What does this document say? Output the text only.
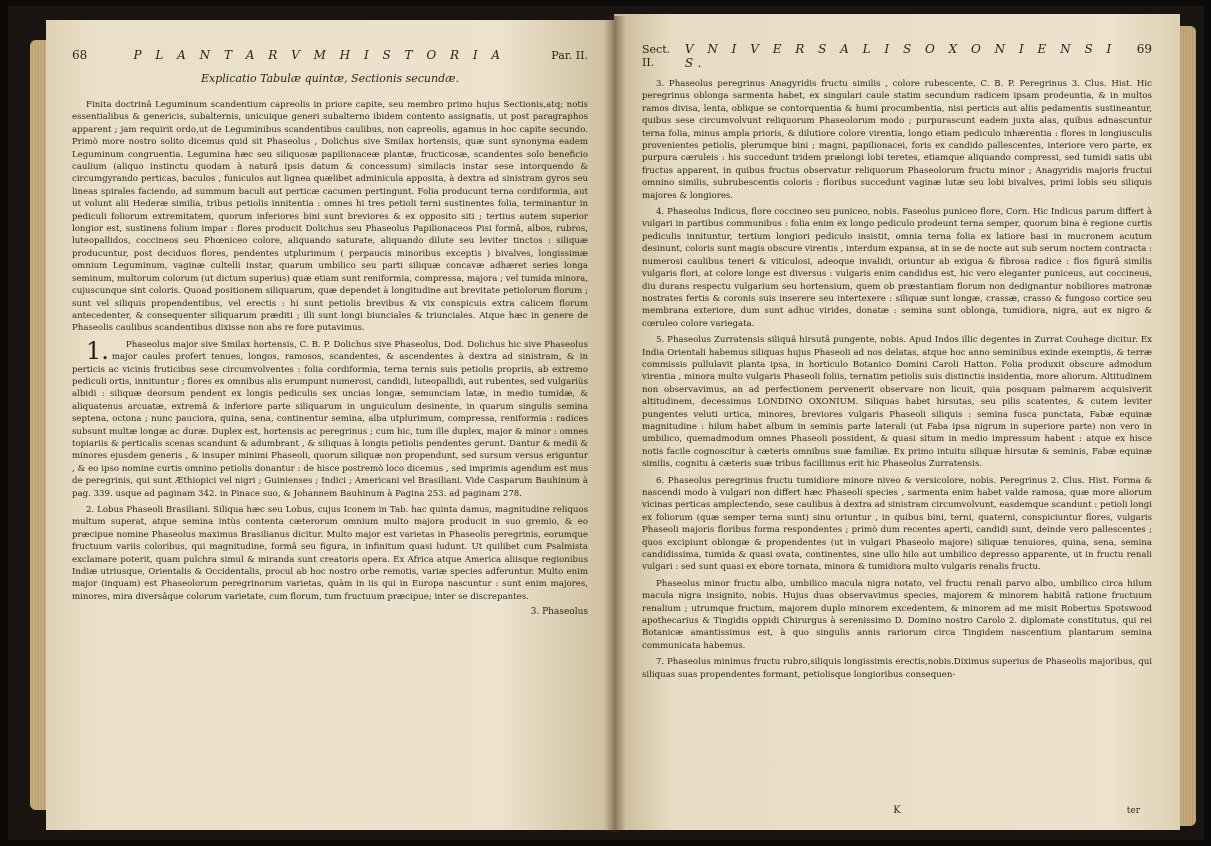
68	P L A N T A R V M H I S T O R I A	Par. II.
Explicatio Tabulæ quintæ, Sectionis secundæ.

Finita doctrinâ Leguminum scandentium capreolis in priore capite, seu membro primo hujus Sectionis,atq; notis essentialibus & genericis, subalternis, unicuique generi subalterno ibidem contento assignatis, ut post paragraphos apparent ; jam requirit ordo,ut de Leguminibus scandentibus caulibus, non capreolis, agamus in hoc capite secundo. Primò more nostro solito dicemus quid sit Phaseolus , Dolichus sive Smilax hortensis, quæ sunt synonyma eadem Leguminum congruentia. Legumina hæc seu siliquosæ papilionaceæ plantæ, fructicosæ, scandentes solo beneficio caulium (aliquo instinctu quodam à naturâ ipsis datum & concessum) similacis instar sese intorquendo & circumgyrando perticas, baculos , funiculos aut lignea quælibet adminicula apposita, à dextra ad sinistram gyros seu lineas spirales faciendo, ad summum baculi aut perticæ cacumen pertingunt. Folia producunt terna cordiformia, aut ut volunt alii Hederæ similia, tribus petiolis innitentia : omnes hi tres petioli terni sustinentes folia, terminantur in pediculi foliorum extremitatem, quorum inferiores bini sunt breviores & ex opposito siti ; tertius autem superior longior est, sustinens folium impar : flores producit Dolichus seu Phaseolus Papilionaceos Pisi formâ, albos, rubros, luteopallidos, coccineos seu Phœniceo colore, aliquando saturate, aliquando dilute seu leviter tinctos : siliquæ producuntur, post deciduos flores, pendentes utplurimum ( perpaucis minoribus exceptis ) bivalves, longissimæ omnium Leguminum, vaginæ cultelli instar, quarum umbilico seu parti siliquæ concavæ adhæret series longa seminum, multorum colorum (ut dictum superius) quæ etiam sunt reniformia, compressa, majora ; vel tumida minora, cujuscunque sint coloris. Quoad positionem siliquarum, quæ dependet à longitudine aut brevitate petiolorum florum ; sunt vel siliquis propendentibus, vel erectis : hi sunt petiolis brevibus & vix conspicuis extra calicem florum antecedenter, & consequenter siliquarum præditi ; illi sunt longi biunciales & triunciales. Atque hæc in genere de Phaseolis caulibus scandentibus dixisse non abs re fore putavimus.

1. Phaseolus major sive Smilax hortensis, C. B. P. Dolichus sive Phaseolus, Dod. Dolichus hic sive Phaseolus major caules profert tenues, longos, ramosos, scandentes, & ascendentes à dextra ad sinistram, & in perticis ac vicinis fruticibus sese circumvolventes : folia cordiformia, terna ternis suis petiolis propriis, ab extremo pediculi ortis, innituntur ; flores ex omnibus alis erumpunt numerosi, candidi, luteopallidi, aut rubentes, sed vulgariùs albidi : siliquæ deorsum pendent ex longis pediculis sex uncias longæ, semunciam latæ, in medio tumidæ, & aliquatenus arcuatæ, extremâ & inferiore parte siliquarum in unguiculum desinente, in quarum singulis semina septena, octona ; nunc pauciora, quina, sena, continentur semina, alba utplurimum, compressa, reniformia : radices subsunt multæ longæ ac duræ. Duplex est, hortensis ac peregrinus ; cum hic, tum ille duplex, major & minor : omnes topiariis & perticalis scenas scandunt & adumbrant , & siliquas à longis petiolis pendentes gerunt. Dantur & medii & minores ejusdem generis , & insuper minimi Phaseoli, quorum siliquæ non propendunt, sed sursum versus eriguntur , & eo ipso nomine curtis omnino petiolis donantur : de hisce postremò loco dicemus , sed imprimis agendum est mus de peregrinis, qui sunt Æthiopici vel nigri ; Guinienses ; Indici ; Americani vel Brasiliani. Vide Casparum Bauhinum à pag. 339. usque ad paginam 342. in Pinace suo, & Johannem Bauhinum à Pagina 253. ad paginam 278.

2. Lobus Phaseoli Brasiliani. Siliqua hæc seu Lobus, cujus Iconem in Tab. hac quinta damus, magnitudine reliquos multum superat, atque semina intùs contenta cæterorum omnium multo majora producit in suo gremio, & eo præcipue nomine Phaseolus maximus Brasilianus dicitur. Multo major est varietas in Phaseolis peregrinis, eorumque fructuum variis coloribus, qui magnitudine, formâ seu figura, in infinitum quasi ludunt. Ut quilibet cum Psalmista exclamare poterit, quam pulchra simul & miranda sunt creatoris opera. Ex Africa atque America aliisque regionibus Indiæ utriusque, Orientalis & Occidentalis, procul ab hoc nostro orbe remotis, variæ species adferuntur. Multo enim major (inquam) est Phaseolorum peregrinorum varietas, quàm in iis qui in Europa nascuntur : sunt enim majores, minores, mira diversâque colorum varietate, cum florum, tum fructuum præcipue; inter se discrepantes.

3. Phaseolus
Sect. II.
V N I V E R S A L I S O X O N I E N S I S.
69

3. Phaseolus peregrinus Anagyridis fructu similis , colore rubescente, C. B. P. Peregrinus 3. Clus. Hist. Hic peregrinus oblonga sarmenta habet, ex singulari caule statim secundum radicem ipsam prodeuntia, & in multos ramos divisa, lenta, oblique se contorquentia & humi procumbentia, nisi perticis aut aliis pedamentis sustineantur, quibus sese circumvolvunt reliquorum Phaseolorum modo ; purpurascunt eadem juxta alas, quibus adnascuntur terna folia, minus ampla prioris, & dilutiore colore virentia, longo etiam pediculo inhærentia : flores in longiusculis provenientes petiolis, plerumque bini ; magni, papilionacei, foris ex candido pallescentes, interiore vero parte, ex purpura cæruleis : his succedunt tridem prælongi lobi teretes, etiamque aliquando compressi, sed tumidi satis ubi fructus apparent, in quibus fructus observatur reliquorum Phaseolorum fructu minor ; Anagyridis majoris fructui omnino similis, subrubescentis coloris : floribus succedunt vaginæ lutæ seu lobi bivalves, primi lobis seu siliquis majores & longiores.

4. Phaseolus Indicus, flore coccineo seu puniceo, nobis. Faseolus puniceo flore, Corn. Hic Indicus parum differt à vulgari in partibus communibus : folia enim ex longo pediculo prodeunt terna semper, quorum bina è regione curtis pediculis innituntur, tertium longiori pediculo insistit, omnia terna folia ex latiore basi in mucronem acutum desinunt, coloris sunt magis obscure virentis , interdum expansa, at in se de nocte aut sub serum noctem contracta : numerosi caulibus teneri & viticulosi, adeoque invalidi, oriuntur ab exigua & fibrosa radice : flos figurâ similis vulgaris flori, at colore longe est diversus : vulgaris enim candidus est, hic vero eleganter puniceus, aut coccineus, diu durans respectu vulgarium seu hortensium, quem ob præstantiam florum non dedignantur nobiliores matronæ nostrates fertis & coronis suis inserere seu intertexere : siliquæ sunt longæ, crassæ, crasso & fungoso cortice seu membrana exteriore, dum sunt adhuc virides, donatæ : semina sunt oblonga, tumidiora, nigra, aut ex nigro & cœruleo colore variegata.

5. Phaseolus Zurratensis siliquâ hirsutâ pungente, nobis. Apud Indos illic degentes in Zurrat Couhage dicitur. Ex India Orientali habemus siliquas hujus Phaseoli ad nos delatas, atque hoc anno seminibus exinde exemptis, & terræ commissis pullulavit planta ipsa, in horticulo Botanico Domini Caroli Hatton. Folia produxit obscure admodum virentia , minora multo vulgaris Phaseoli foliis, ternatim petiolis suis distinctis insidentia, more aliorum. Altitudinem non observavimus, an ad perfectionem pervenerit observare non licuit, quia posquam palmarem acquisiverit altitudinem, decessimus LONDINO OXONIUM. Siliquas habet hirsutas, seu pilis scatentes, & cutem leviter pungentes veluti urtica, minores, breviores vulgaris Phaseoli siliquis : semina fusca punctata, Fabæ equinæ magnitudine : hilum habet album in seminis parte laterali (ut Faba ipsa nigrum in superiore parte) non vero in umbilico, quemadmodum omnes Phaseoli possident, & quasi situm in medio impressum habent : atque ex hisce notis facile cognoscitur à cæteris omnibus suæ familiæ. Ex primo intuitu siliquæ hirsutæ & seminis, Fabæ equinæ similis, cognitu à cæteris suæ tribus facillimus erit hic Phaseolus Zurratensis.

6. Phaseolus peregrinus fructu tumidiore minore niveo & versicolore, nobis. Peregrinus 2. Clus. Hist. Forma & nascendi modo à vulgari non differt hæc Phaseoli species , sarmenta enim habet valde ramosa, quæ more aliorum vicinas perticas amplectendo, sese caulibus à dextra ad sinistram circumvolvunt, easdemque scandunt : petioli longi ex foliorum (quæ semper terna sunt) sinu oriuntur , in quibus bini, terni, quaterni, conspiciuntur flores, vulgaris Phaseoli majoris floribus forma respondentes ; primò dum recentes aperti, candidi sunt, deinde vero pallescentes ; quos excipiunt oblongæ & propendentes (ut in vulgari Phaseolo majore) siliquæ tenuiores, quina, sena, semina candidissima, tumida & quasi ovata, continentes, sine ullo hilo aut umbilico depresso apparente, ut in fructu renali vulgari : sed sunt quasi ex ebore tornata, minora & tumidiora multo vulgaris renalis fructu.

Phaseolus minor fructu albo, umbilico macula nigra notato, vel fructu renali parvo albo, umbilico circa hilum macula nigra insignito, nobis. Hujus duas observavimus species, majorem & minorem habitâ ratione fructuum renalium ; utrumque fructum, majorem duplo minorem excedentem, & minorem ad me misit Robertus Spotswood apothecarius & Tingidis oppidi Chirurgus à serenissimo D. Domino nostro Carolo 2. diplomate constitutus, qui rei Botanicæ amantissimus est, à quo singulis annis rariorum circa Tingidem nascentium plantarum semina communicata habemus.

7. Phaseolus minimus fructu rubro,siliquis longissimis erectis,nobis.Diximus superius de Phaseolis majoribus, qui siliquas suas propendentes formant, petiolisque longioribus consequen-

K	ter
